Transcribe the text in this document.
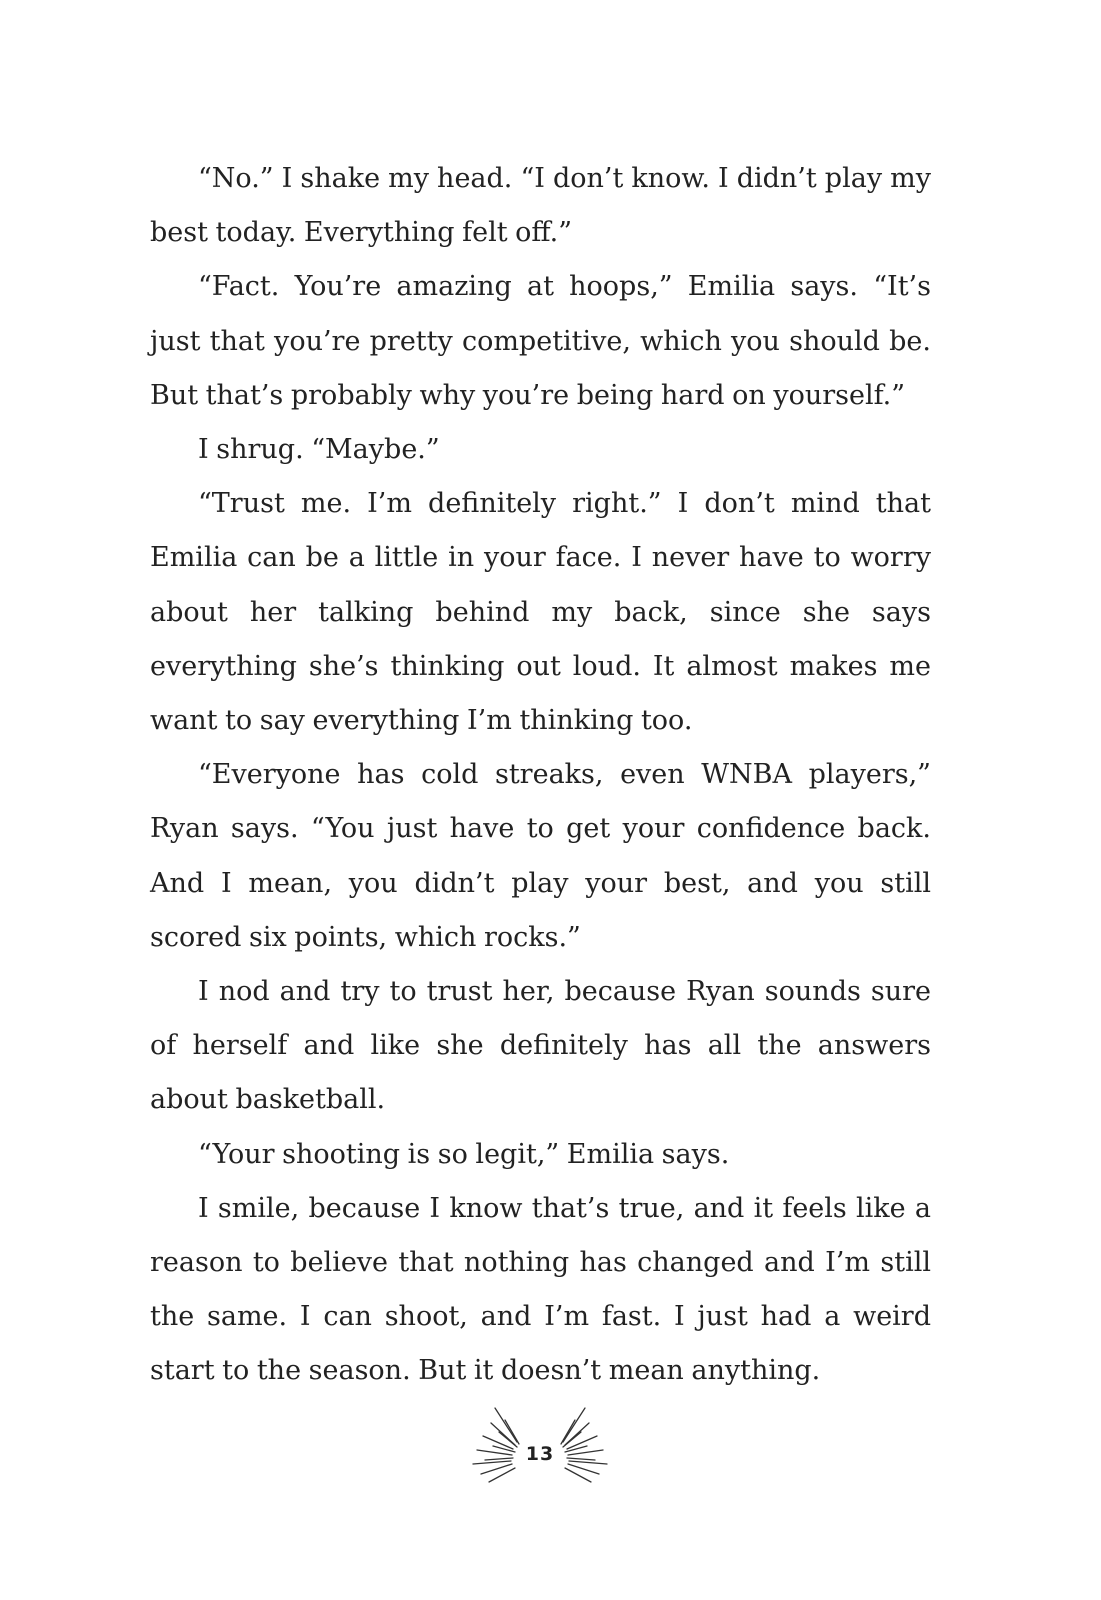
“No.” I shake my head. “I don’t know. I didn’t play my best today. Everything felt off.”

“Fact. You’re amazing at hoops,” Emilia says. “It’s just that you’re pretty competitive, which you should be. But that’s probably why you’re being hard on yourself.”

I shrug. “Maybe.”

“Trust me. I’m definitely right.” I don’t mind that Emilia can be a little in your face. I never have to worry about her talking behind my back, since she says everything she’s thinking out loud. It almost makes me want to say everything I’m thinking too.

“Everyone has cold streaks, even WNBA players,” Ryan says. “You just have to get your confidence back. And I mean, you didn’t play your best, and you still scored six points, which rocks.”

I nod and try to trust her, because Ryan sounds sure of herself and like she definitely has all the answers about basketball.

“Your shooting is so legit,” Emilia says.

I smile, because I know that’s true, and it feels like a reason to believe that nothing has changed and I’m still the same. I can shoot, and I’m fast. I just had a weird start to the season. But it doesn’t mean anything.

13
